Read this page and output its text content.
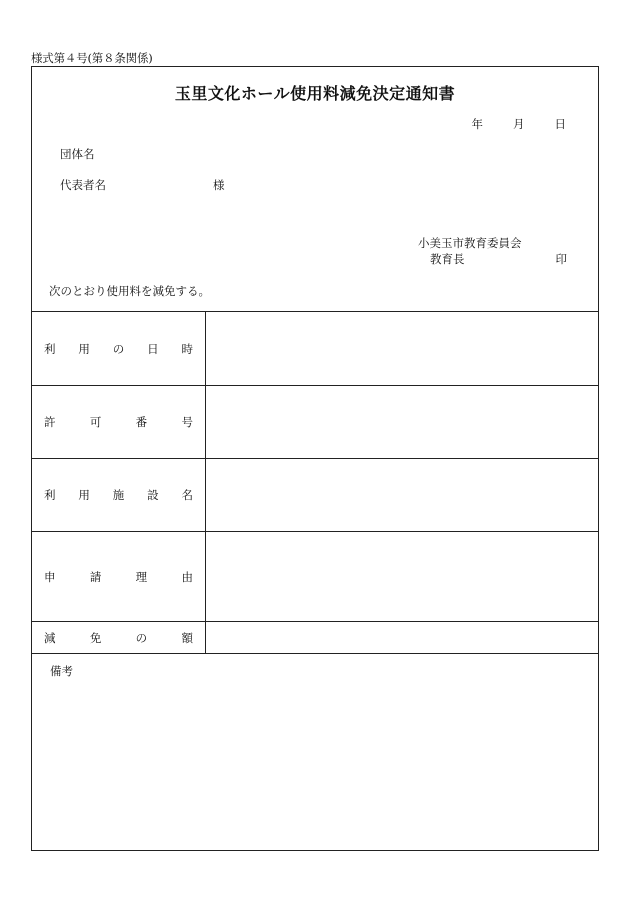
様式第４号(第８条関係)
玉里文化ホール使用料減免決定通知書
年	月	日
団体名
代表者名	様
小美玉市教育委員会
教育長	印
次のとおり使用料を減免する。
利 用 の 日 時
許	可	番	号
利 用 施 設 名
申	請	理	由
減	免	の	額
備考
